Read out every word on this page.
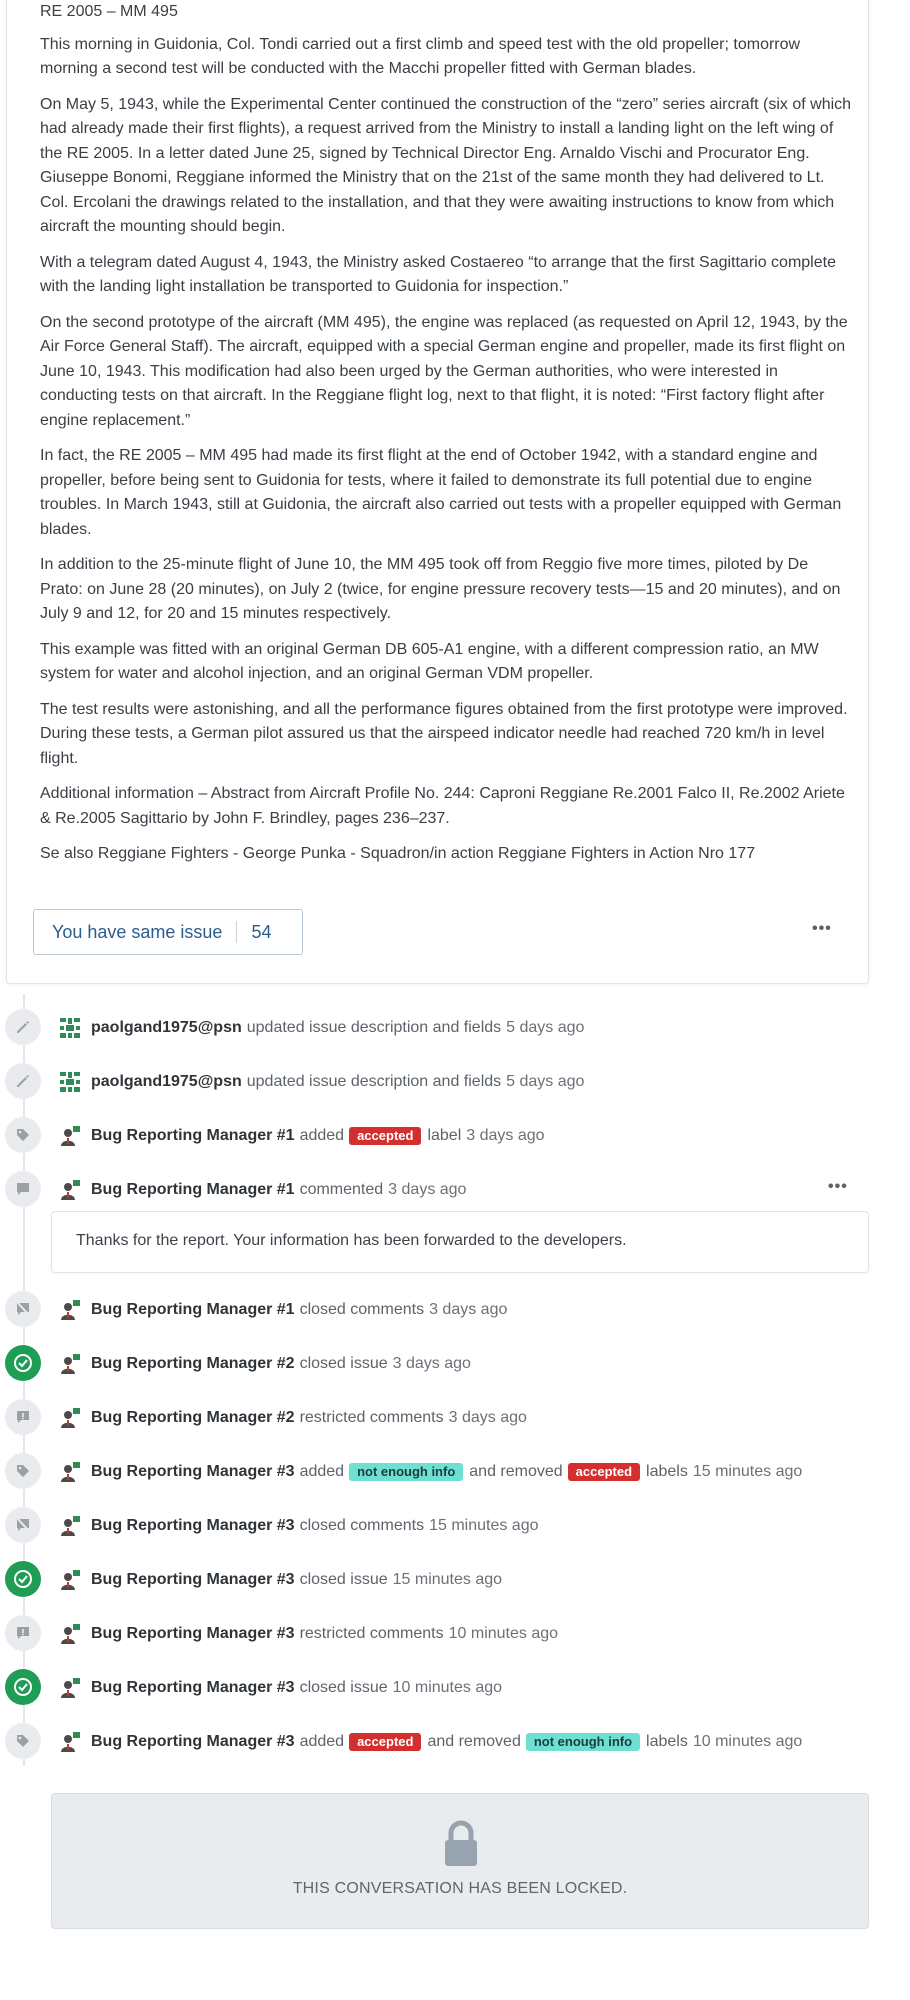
RE 2005 – MM 495

This morning in Guidonia, Col. Tondi carried out a first climb and speed test with the old propeller; tomorrow morning a second test will be conducted with the Macchi propeller fitted with German blades.

On May 5, 1943, while the Experimental Center continued the construction of the “zero” series aircraft (six of which had already made their first flights), a request arrived from the Ministry to install a landing light on the left wing of the RE 2005. In a letter dated June 25, signed by Technical Director Eng. Arnaldo Vischi and Procurator Eng. Giuseppe Bonomi, Reggiane informed the Ministry that on the 21st of the same month they had delivered to Lt. Col. Ercolani the drawings related to the installation, and that they were awaiting instructions to know from which aircraft the mounting should begin.

With a telegram dated August 4, 1943, the Ministry asked Costaereo “to arrange that the first Sagittario complete with the landing light installation be transported to Guidonia for inspection.”

On the second prototype of the aircraft (MM 495), the engine was replaced (as requested on April 12, 1943, by the Air Force General Staff). The aircraft, equipped with a special German engine and propeller, made its first flight on June 10, 1943. This modification had also been urged by the German authorities, who were interested in conducting tests on that aircraft. In the Reggiane flight log, next to that flight, it is noted: “First factory flight after engine replacement.”

In fact, the RE 2005 – MM 495 had made its first flight at the end of October 1942, with a standard engine and propeller, before being sent to Guidonia for tests, where it failed to demonstrate its full potential due to engine troubles. In March 1943, still at Guidonia, the aircraft also carried out tests with a propeller equipped with German blades.

In addition to the 25-minute flight of June 10, the MM 495 took off from Reggio five more times, piloted by De Prato: on June 28 (20 minutes), on July 2 (twice, for engine pressure recovery tests—15 and 20 minutes), and on July 9 and 12, for 20 and 15 minutes respectively.

This example was fitted with an original German DB 605-A1 engine, with a different compression ratio, an MW system for water and alcohol injection, and an original German VDM propeller.

The test results were astonishing, and all the performance figures obtained from the first prototype were improved. During these tests, a German pilot assured us that the airspeed indicator needle had reached 720 km/h in level flight.

Additional information – Abstract from Aircraft Profile No. 244: Caproni Reggiane Re.2001 Falco II, Re.2002 Ariete & Re.2005 Sagittario by John F. Brindley, pages 236–237.

Se also Reggiane Fighters - George Punka - Squadron/in action Reggiane Fighters in Action Nro 177

You have same issue 54	•••
paolgand1975@psn updated issue description and fields 5 days ago
paolgand1975@psn updated issue description and fields 5 days ago
Bug Reporting Manager #1 added	accepted label 3 days ago
Bug Reporting Manager #1 commented 3 days ago	•••
Thanks for the report. Your information has been forwarded to the developers.
Bug Reporting Manager #1 closed comments 3 days ago
Bug Reporting Manager #2 closed issue 3 days ago
Bug Reporting Manager #2 restricted comments 3 days ago
Bug Reporting Manager #3 added	not enough info and removed	accepted labels 15 minutes ago
Bug Reporting Manager #3 closed comments 15 minutes ago
Bug Reporting Manager #3 closed issue 15 minutes ago
Bug Reporting Manager #3 restricted comments 10 minutes ago
Bug Reporting Manager #3 closed issue 10 minutes ago
Bug Reporting Manager #3 added	accepted and removed	not enough info labels 10 minutes ago
THIS CONVERSATION HAS BEEN LOCKED.
